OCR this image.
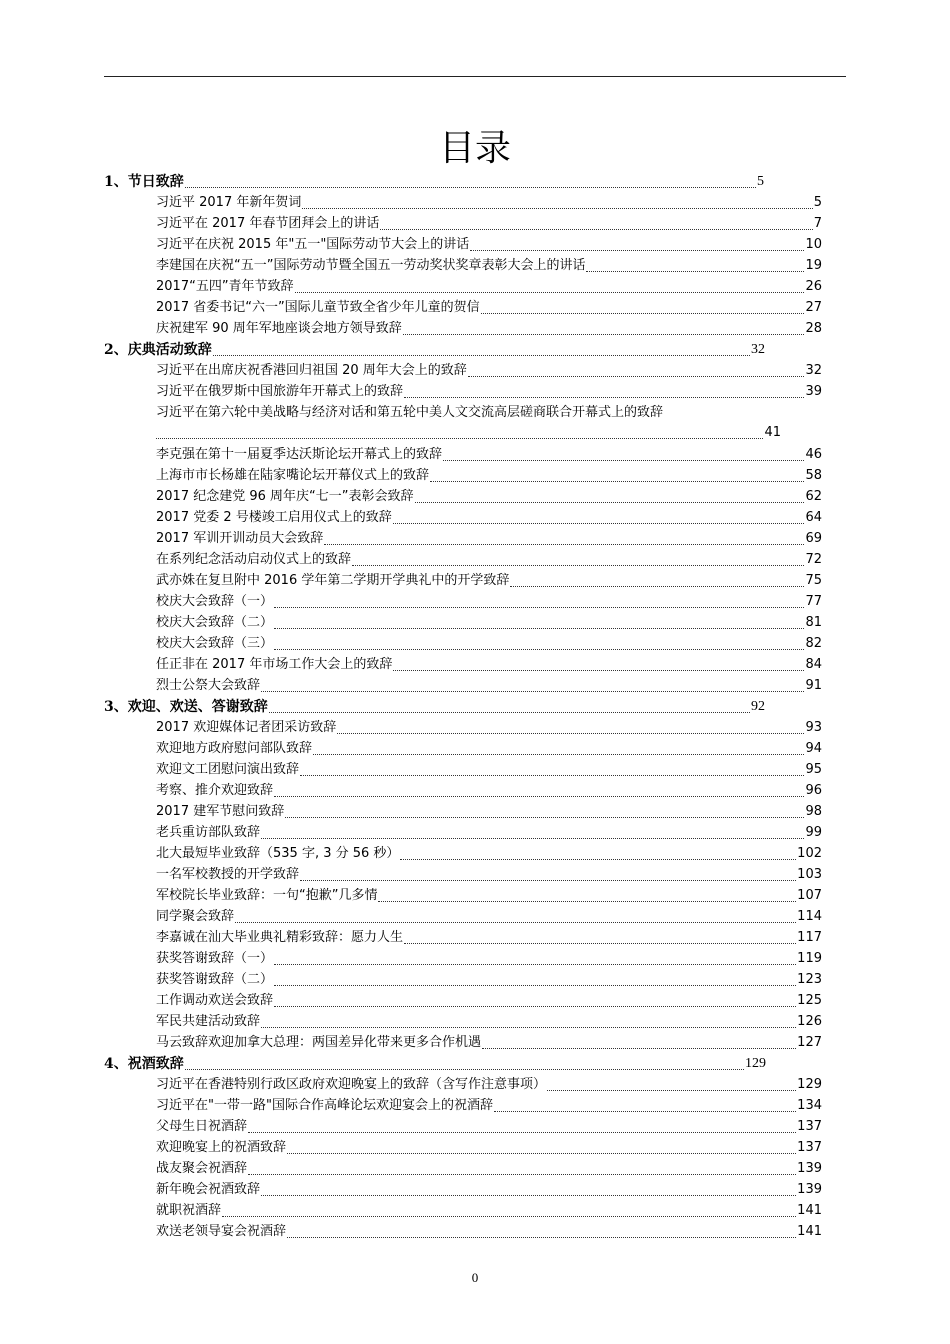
目录
1、节日致辞	5
习近平 2017 年新年贺词	5
习近平在 2017 年春节团拜会上的讲话	7
习近平在庆祝 2015 年"五一"国际劳动节大会上的讲话	10
李建国在庆祝“五一”国际劳动节暨全国五一劳动奖状奖章表彰大会上的讲话	19
2017“五四”青年节致辞	26
2017 省委书记“六一”国际儿童节致全省少年儿童的贺信	27
庆祝建军 90 周年军地座谈会地方领导致辞	28
2、庆典活动致辞	32
习近平在出席庆祝香港回归祖国 20 周年大会上的致辞	32
习近平在俄罗斯中国旅游年开幕式上的致辞	39
习近平在第六轮中美战略与经济对话和第五轮中美人文交流高层磋商联合开幕式上的致辞
41
李克强在第十一届夏季达沃斯论坛开幕式上的致辞	46
上海市市长杨雄在陆家嘴论坛开幕仪式上的致辞	58
2017 纪念建党 96 周年庆“七一”表彰会致辞	62
2017 党委 2 号楼竣工启用仪式上的致辞	64
2017 军训开训动员大会致辞	69
在系列纪念活动启动仪式上的致辞	72
武亦姝在复旦附中 2016 学年第二学期开学典礼中的开学致辞	75
校庆大会致辞（一）	77
校庆大会致辞（二）	81
校庆大会致辞（三）	82
任正非在 2017 年市场工作大会上的致辞	84
烈士公祭大会致辞	91
3、欢迎、欢送、答谢致辞	92
2017 欢迎媒体记者团采访致辞	93
欢迎地方政府慰问部队致辞	94
欢迎文工团慰问演出致辞	95
考察、推介欢迎致辞	96
2017 建军节慰问致辞	98
老兵重访部队致辞	99
北大最短毕业致辞（535 字, 3 分 56 秒）	102
一名军校教授的开学致辞	103
军校院长毕业致辞：一句“抱歉”几多情	107
同学聚会致辞	114
李嘉诚在汕大毕业典礼精彩致辞：愿力人生	117
获奖答谢致辞（一）	119
获奖答谢致辞（二）	123
工作调动欢送会致辞	125
军民共建活动致辞	126
马云致辞欢迎加拿大总理：两国差异化带来更多合作机遇	127
4、祝酒致辞	129
习近平在香港特别行政区政府欢迎晚宴上的致辞（含写作注意事项）	129
习近平在"一带一路"国际合作高峰论坛欢迎宴会上的祝酒辞	134
父母生日祝酒辞	137
欢迎晚宴上的祝酒致辞	137
战友聚会祝酒辞	139
新年晚会祝酒致辞	139
就职祝酒辞	141
欢送老领导宴会祝酒辞	141
0
